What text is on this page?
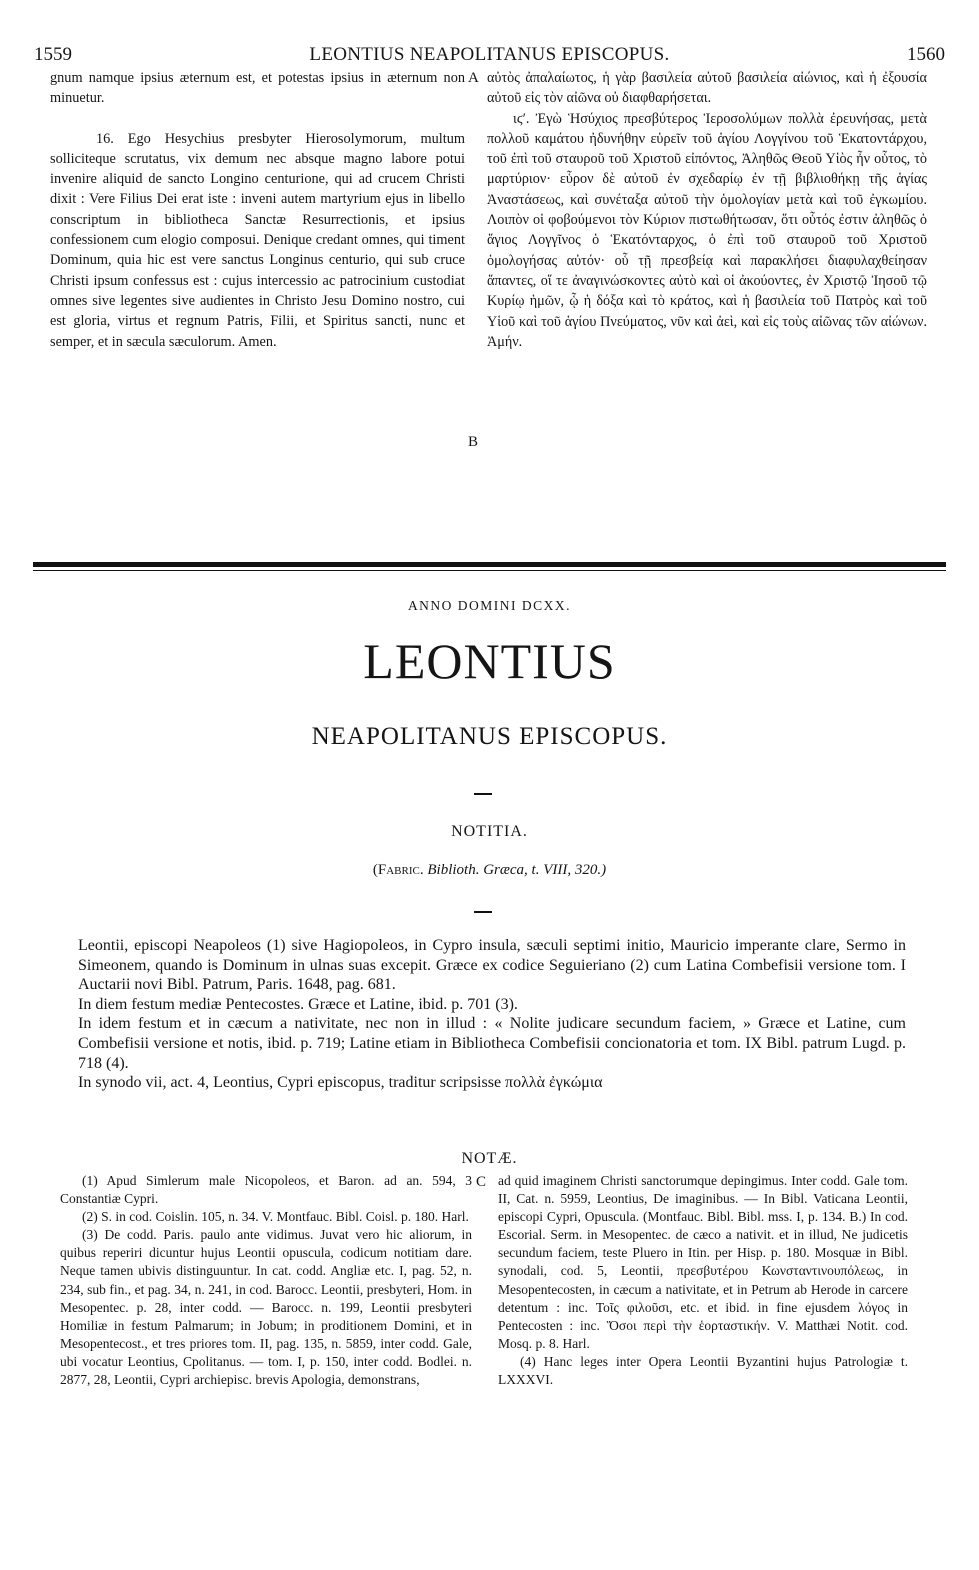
1559	LEONTIUS NEAPOLITANUS EPISCOPUS.	1560
A
B
C

gnum namque ipsius æternum est, et potestas ipsius in æternum non minuetur.

16. Ego Hesychius presbyter Hierosolymorum, multum solliciteque scrutatus, vix demum nec absque magno labore potui invenire aliquid de sancto Longino centurione, qui ad crucem Christi dixit : Vere Filius Dei erat iste : inveni autem martyrium ejus in libello conscriptum in bibliotheca Sanctæ Resurrectionis, et ipsius confessionem cum elogio composui. Denique credant omnes, qui timent Dominum, quia hic est vere sanctus Longinus centurio, qui sub cruce Christi ipsum confessus est : cujus intercessio ac patrocinium custodiat omnes sive legentes sive audientes in Christo Jesu Domino nostro, cui est gloria, virtus et regnum Patris, Filii, et Spiritus sancti, nunc et semper, et in sæcula sæculorum. Amen.

αὐτὸς ἀπαλαίωτος, ἡ γὰρ βασιλεία αὐτοῦ βασιλεία αἰώνιος, καὶ ἡ ἐξουσία αὐτοῦ εἰς τὸν αἰῶνα οὐ διαφθαρήσεται.

ιϛʹ. Ἐγὼ Ἡσύχιος πρεσβύτερος Ἱεροσολύμων πολλὰ ἐρευνήσας, μετὰ πολλοῦ καμάτου ἠδυνήθην εὑρεῖν τοῦ ἁγίου Λογγίνου τοῦ Ἑκατοντάρχου, τοῦ ἐπὶ τοῦ σταυροῦ τοῦ Χριστοῦ εἰπόντος, Ἀληθῶς Θεοῦ Υἱὸς ἦν οὗτος, τὸ μαρτύριον· εὗρον δὲ αὐτοῦ ἐν σχεδαρίῳ ἐν τῇ βιβλιοθήκῃ τῆς ἁγίας Ἀναστάσεως, καὶ συνέταξα αὐτοῦ τὴν ὁμολογίαν μετὰ καὶ τοῦ ἐγκωμίου. Λοιπὸν οἱ φοβούμενοι τὸν Κύριον πιστωθήτωσαν, ὅτι οὗτός ἐστιν ἀληθῶς ὁ ἅγιος Λογγῖνος ὁ Ἑκατόνταρχος, ὁ ἐπὶ τοῦ σταυροῦ τοῦ Χριστοῦ ὁμολογήσας αὐτόν· οὗ τῇ πρεσβείᾳ καὶ παρακλήσει διαφυλαχθείησαν ἅπαντες, οἵ τε ἀναγινώσκοντες αὐτὸ καὶ οἱ ἀκούοντες, ἐν Χριστῷ Ἰησοῦ τῷ Κυρίῳ ἡμῶν, ᾧ ἡ δόξα καὶ τὸ κράτος, καὶ ἡ βασιλεία τοῦ Πατρὸς καὶ τοῦ Υἱοῦ καὶ τοῦ ἁγίου Πνεύματος, νῦν καὶ ἀεὶ, καὶ εἰς τοὺς αἰῶνας τῶν αἰώνων. Ἀμήν.

ANNO DOMINI DCXX.
LEONTIUS
NEAPOLITANUS EPISCOPUS.
NOTITIA.
(Fabric. Biblioth. Græca, t. VIII, 320.)

Leontii, episcopi Neapoleos (1) sive Hagiopoleos, in Cypro insula, sæculi septimi initio, Mauricio imperante clare, Sermo in Simeonem, quando is Dominum in ulnas suas excepit. Græce ex codice Seguieriano (2) cum Latina Combefisii versione tom. I Auctarii novi Bibl. Patrum, Paris. 1648, pag. 681.

In diem festum mediæ Pentecostes. Græce et Latine, ibid. p. 701 (3).

In idem festum et in cæcum a nativitate, nec non in illud : « Nolite judicare secundum faciem, » Græce et Latine, cum Combefisii versione et notis, ibid. p. 719; Latine etiam in Bibliotheca Combefisii concionatoria et tom. IX Bibl. patrum Lugd. p. 718 (4).

In synodo vii, act. 4, Leontius, Cypri episcopus, traditur scripsisse πολλὰ ἐγκώμια

NOTÆ.

(1) Apud Simlerum male Nicopoleos, et Baron. ad an. 594, 3 Constantiæ Cypri.

(2) S. in cod. Coislin. 105, n. 34. V. Montfauc. Bibl. Coisl. p. 180. Harl.

(3) De codd. Paris. paulo ante vidimus. Juvat vero hic aliorum, in quibus reperiri dicuntur hujus Leontii opuscula, codicum notitiam dare. Neque tamen ubivis distinguuntur. In cat. codd. Angliæ etc. I, pag. 52, n. 234, sub fin., et pag. 34, n. 241, in cod. Barocc. Leontii, presbyteri, Hom. in Mesopentec. p. 28, inter codd. — Barocc. n. 199, Leontii presbyteri Homiliæ in festum Palmarum; in Jobum; in proditionem Domini, et in Mesopentecost., et tres priores tom. II, pag. 135, n. 5859, inter codd. Gale, ubi vocatur Leontius, Cpolitanus. — tom. I, p. 150, inter codd. Bodlei. n. 2877, 28, Leontii, Cypri archiepisc. brevis Apologia, demonstrans,

ad quid imaginem Christi sanctorumque depingimus. Inter codd. Gale tom. II, Cat. n. 5959, Leontius, De imaginibus. — In Bibl. Vaticana Leontii, episcopi Cypri, Opuscula. (Montfauc. Bibl. Bibl. mss. I, p. 134. B.) In cod. Escorial. Serm. in Mesopentec. de cæco a nativit. et in illud, Ne judicetis secundum faciem, teste Pluero in Itin. per Hisp. p. 180. Mosquæ in Bibl. synodali, cod. 5, Leontii, πρεσβυτέρου Κωνσταντινουπόλεως, in Mesopentecosten, in cæcum a nativitate, et in Petrum ab Herode in carcere detentum : inc. Τοῖς φιλοῦσι, etc. et ibid. in fine ejusdem λόγος in Pentecosten : inc. Ὅσοι περὶ τὴν ἑορταστικήν. V. Matthæi Notit. cod. Mosq. p. 8. Harl.

(4) Hanc leges inter Opera Leontii Byzantini hujus Patrologiæ t. LXXXVI.
